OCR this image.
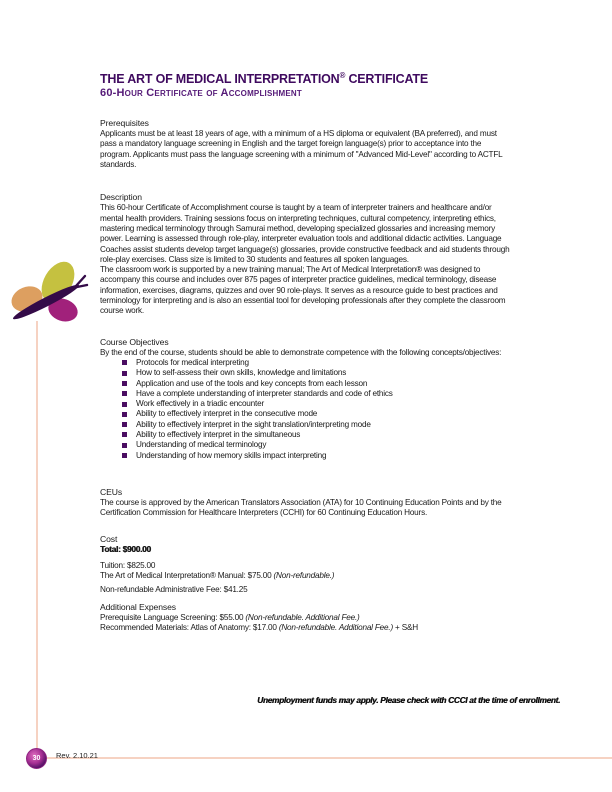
THE ART OF MEDICAL INTERPRETATION® CERTIFICATE
60-Hour Certificate of Accomplishment
Prerequisites

Applicants must be at least 18 years of age, with a minimum of a HS diploma or equivalent (BA preferred), and must pass a mandatory language screening in English and the target foreign language(s) prior to acceptance into the program. Applicants must pass the language screening with a minimum of "Advanced Mid-Level" according to ACTFL standards.

Description

This 60-hour Certificate of Accomplishment course is taught by a team of interpreter trainers and healthcare and/or mental health providers. Training sessions focus on interpreting techniques, cultural competency, interpreting ethics, mastering medical terminology through Samurai method, developing specialized glossaries and increasing memory power. Learning is assessed through role-play, interpreter evaluation tools and additional didactic activities. Language Coaches assist students develop target language(s) glossaries, provide constructive feedback and aid students through role-play exercises. Class size is limited to 30 students and features all spoken languages.

The classroom work is supported by a new training manual; The Art of Medical Interpretation® was designed to accompany this course and includes over 875 pages of interpreter practice guidelines, medical terminology, disease information, exercises, diagrams, quizzes and over 90 role-plays. It serves as a resource guide to best practices and terminology for interpreting and is also an essential tool for developing professionals after they complete the classroom course work.

Course Objectives

By the end of the course, students should be able to demonstrate competence with the following concepts/objectives:

Protocols for medical interpreting
How to self-assess their own skills, knowledge and limitations
Application and use of the tools and key concepts from each lesson
Have a complete understanding of interpreter standards and code of ethics
Work effectively in a triadic encounter
Ability to effectively interpret in the consecutive mode
Ability to effectively interpret in the sight translation/interpreting mode
Ability to effectively interpret in the simultaneous
Understanding of medical terminology
Understanding of how memory skills impact interpreting
CEUs

The course is approved by the American Translators Association (ATA) for 10 Continuing Education Points and by the Certification Commission for Healthcare Interpreters (CCHI) for 60 Continuing Education Hours.

Cost
Total: $900.00
Tuition: $825.00
The Art of Medical Interpretation® Manual: $75.00 (Non-refundable.)
Non-refundable Administrative Fee: $41.25
Additional Expenses
Prerequisite Language Screening: $55.00 (Non-refundable. Additional Fee.)
Recommended Materials: Atlas of Anatomy: $17.00 (Non-refundable. Additional Fee.) + S&H
Unemployment funds may apply. Please check with CCCI at the time of enrollment.
30 Rev. 2.10.21
